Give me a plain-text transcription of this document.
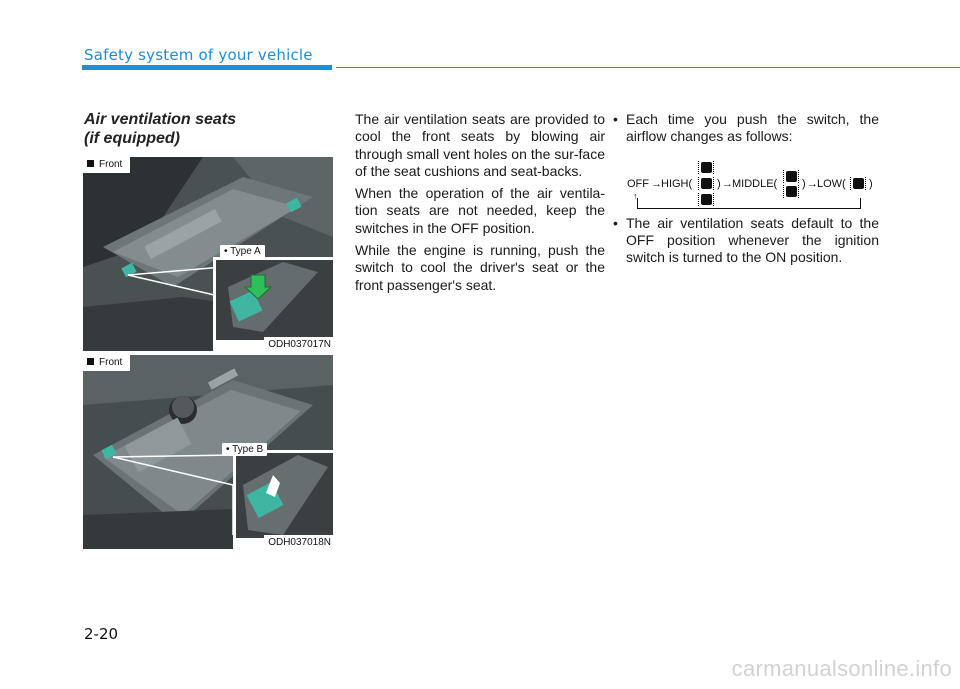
Safety system of your vehicle
Air ventilation seats
(if equipped)
Front
• Type A
ODH037017N
Front
• Type B
ODH037018N

The air ventilation seats are provided to cool the front seats by blowing air through small vent holes on the sur-face of the seat cushions and seat-backs.

When the operation of the air ventila-tion seats are not needed, keep the switches in the OFF position.

While the engine is running, push the switch to cool the driver's seat or the front passenger's seat.

• Each time you push the switch, the airflow changes as follows:
• The air ventilation seats default to the OFF position whenever the ignition switch is turned to the ON position.
OFF → HIGH( ) → MIDDLE( ) → LOW( )
↑
2-20
carmanualsonline.info
